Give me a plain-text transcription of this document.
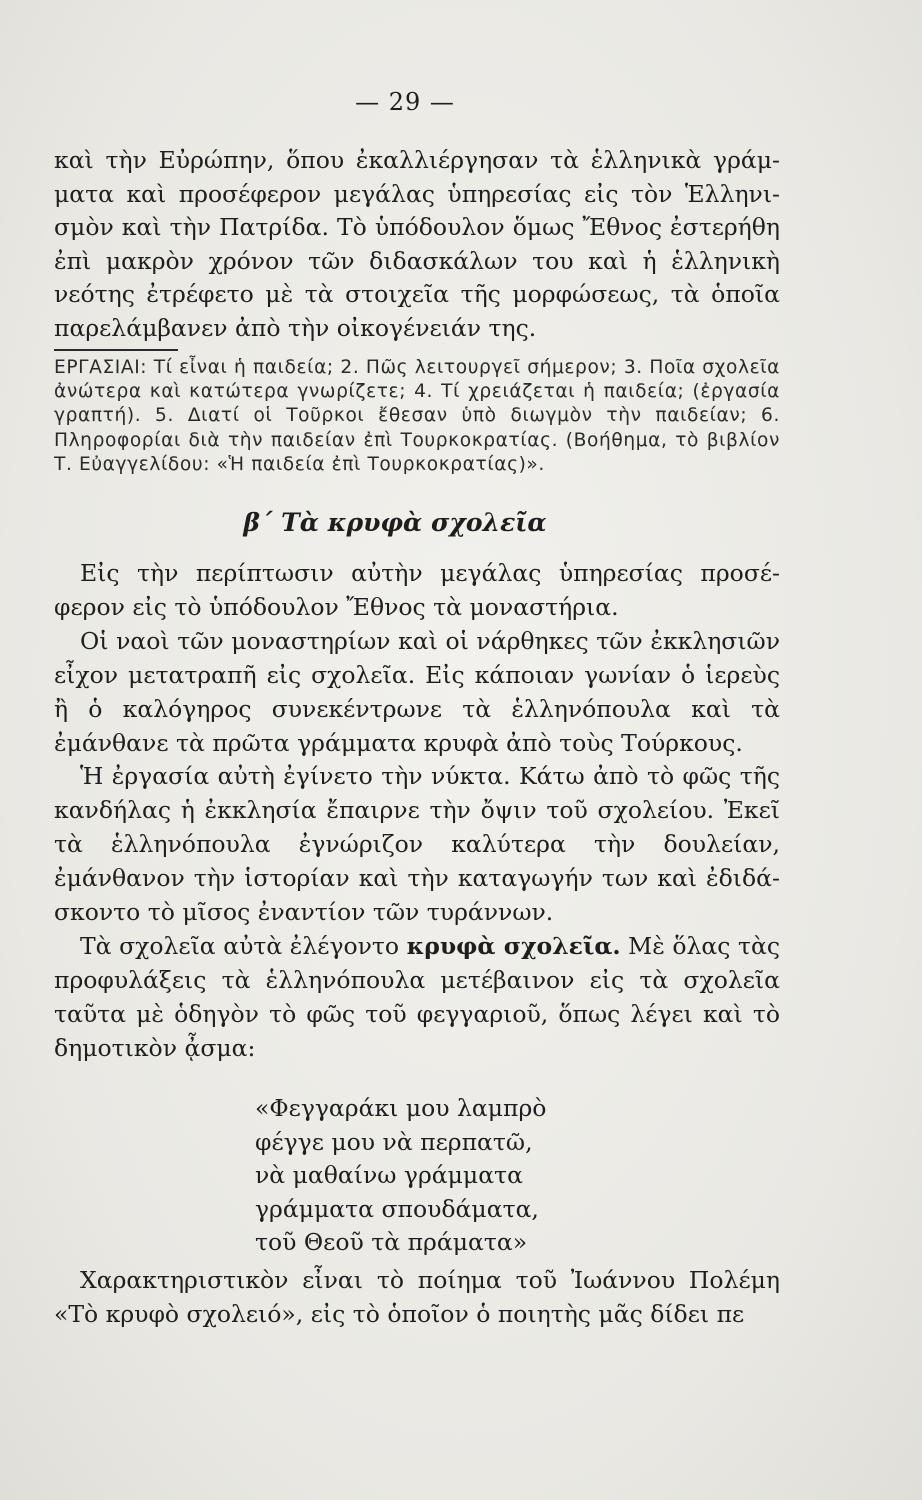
— 29 —

καὶ τὴν Εὐρώπην, ὅπου ἐκαλλιέργησαν τὰ ἑλληνικὰ γράμματα καὶ προσέφερον μεγάλας ὑπηρεσίας εἰς τὸν Ἑλληνισμὸν καὶ τὴν Πατρίδα. Τὸ ὑπόδουλον ὅμως Ἔθνος ἐστερήθη ἐπὶ μακρὸν χρόνον τῶν διδασκάλων του καὶ ἡ ἑλληνικὴ νεότης ἐτρέφετο μὲ τὰ στοιχεῖα τῆς μορφώσεως, τὰ ὁποῖα παρελάμβανεν ἀπὸ τὴν οἰκογένειάν της.

ΕΡΓΑΣΙΑΙ: Τί εἶναι ἡ παιδεία; 2. Πῶς λειτουργεῖ σήμερον; 3. Ποῖα σχολεῖα ἀνώτερα καὶ κατώτερα γνωρίζετε; 4. Τί χρειάζεται ἡ παιδεία; (ἐργασία γραπτή). 5. Διατί οἱ Τοῦρκοι ἔθεσαν ὑπὸ διωγμὸν τὴν παιδείαν; 6. Πληροφορίαι διὰ τὴν παιδείαν ἐπὶ Τουρκοκρατίας. (Βοήθημα, τὸ βιβλίον Τ. Εὐαγγελίδου: «Ἡ παιδεία ἐπὶ Τουρκοκρατίας)».
β΄ Τὰ κρυφὰ σχολεῖα

Εἰς τὴν περίπτωσιν αὐτὴν μεγάλας ὑπηρεσίας προσέφερον εἰς τὸ ὑπόδουλον Ἔθνος τὰ μοναστήρια.

Οἱ ναοὶ τῶν μοναστηρίων καὶ οἱ νάρθηκες τῶν ἐκκλησιῶν εἶχον μετατραπῆ εἰς σχολεῖα. Εἰς κάποιαν γωνίαν ὁ ἱερεὺς ἢ ὁ καλόγηρος συνεκέντρωνε τὰ ἑλληνόπουλα καὶ τὰ ἐμάνθανε τὰ πρῶτα γράμματα κρυφὰ ἀπὸ τοὺς Τούρκους.

Ἡ ἐργασία αὐτὴ ἐγίνετο τὴν νύκτα. Κάτω ἀπὸ τὸ φῶς τῆς κανδήλας ἡ ἐκκλησία ἔπαιρνε τὴν ὄψιν τοῦ σχολείου. Ἐκεῖ τὰ ἑλληνόπουλα ἐγνώριζον καλύτερα τὴν δουλείαν, ἐμάνθανον τὴν ἱστορίαν καὶ τὴν καταγωγήν των καὶ ἐδιδάσκοντο τὸ μῖσος ἐναντίον τῶν τυράννων.

Τὰ σχολεῖα αὐτὰ ἐλέγοντο κρυφὰ σχολεῖα. Μὲ ὅλας τὰς προφυλάξεις τὰ ἑλληνόπουλα μετέβαινον εἰς τὰ σχολεῖα ταῦτα μὲ ὁδηγὸν τὸ φῶς τοῦ φεγγαριοῦ, ὅπως λέγει καὶ τὸ δημοτικὸν ᾆσμα:

«Φεγγαράκι μου λαμπρὸ
φέγγε μου νὰ περπατῶ,
νὰ μαθαίνω γράμματα
γράμματα σπουδάματα,
τοῦ Θεοῦ τὰ πράματα»

Χαρακτηριστικὸν εἶναι τὸ ποίημα τοῦ Ἰωάννου Πολέμη «Τὸ κρυφὸ σχολειό», εἰς τὸ ὁποῖον ὁ ποιητὴς μᾶς δίδει πε
